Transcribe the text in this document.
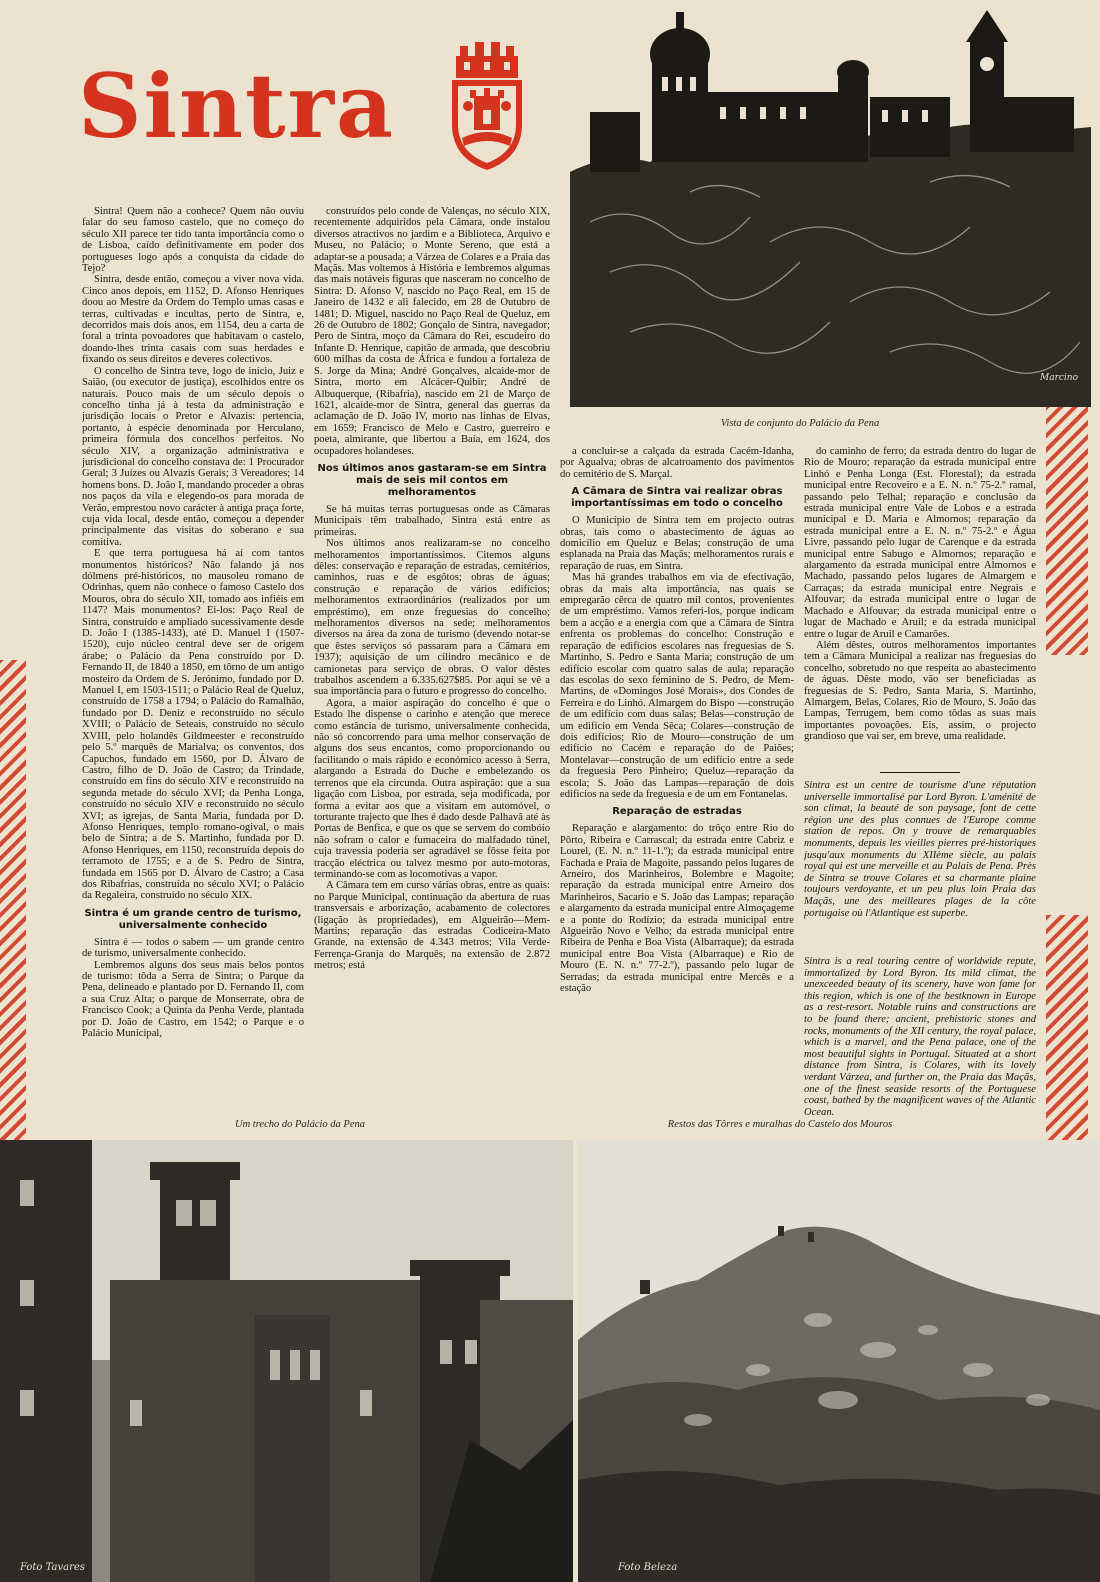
Sintra
Marcino
Vista de conjunto do Palácio da Pena

Sintra! Quem não a conhece? Quem não ouviu falar do seu famoso castelo, que no começo do século XII parece ter tido tanta importância como o de Lisboa, caído definitivamente em poder dos portugueses logo após a conquista da cidade do Tejo?

Sintra, desde então, começou a viver nova vida. Cinco anos depois, em 1152, D. Afonso Henriques doou ao Mestre da Ordem do Templo umas casas e terras, cultivadas e incultas, perto de Sintra, e, decorridos mais dois anos, em 1154, deu a carta de foral a trinta povoadores que habitavam o castelo, doando-lhes trinta casais com suas herdades e fixando os seus direitos e deveres colectivos.

O concelho de Sintra teve, logo de início, Juiz e Saião, (ou executor de justiça), escolhidos entre os naturais. Pouco mais de um século depois o concelho tinha já à testa da administração e jurisdição locais o Pretor e Alvazis: pertencia, portanto, à espécie denominada por Herculano, primeira fórmula dos concelhos perfeitos. No século XIV, a organização administrativa e jurisdicional do concelho constava de: 1 Procurador Geral; 3 Juízes ou Alvazis Gerais; 3 Vereadores; 14 homens bons. D. João I, mandando proceder a obras nos paços da vila e elegendo-os para morada de Verão, emprestou novo carácter à antiga praça forte, cuja vida local, desde então, começou a depender principalmente das visitas do soberano e sua comitiva.

E que terra portuguesa há aí com tantos monumentos históricos? Não falando já nos dólmens pré-históricos, no mausoleu romano de Odrinhas, quem não conhece o famoso Castelo dos Mouros, obra do século XII, tomado aos infiéis em 1147? Mais monumentos? Ei-los: Paço Real de Sintra, construído e ampliado sucessivamente desde D. João I (1385-1433), até D. Manuel I (1507-1520), cujo núcleo central deve ser de origem árabe; o Palácio da Pena construído por D. Fernando II, de 1840 a 1850, em tôrno de um antigo mosteiro da Ordem de S. Jerónimo, fundado por D. Manuel I, em 1503-1511; o Palácio Real de Queluz, construído de 1758 a 1794; o Palácio do Ramalhão, fundado por D. Deniz e reconstruído no século XVIII; o Palácio de Seteais, construído no século XVIII, pelo holandês Gildmeester e reconstruído pelo 5.º marquês de Marialva; os conventos, dos Capuchos, fundado em 1560, por D. Álvaro de Castro, filho de D. João de Castro; da Trindade, construído em fins do século XIV e reconstruído na segunda metade do século XVI; da Penha Longa, construído no século XIV e reconstruído no século XVI; as igrejas, de Santa Maria, fundada por D. Afonso Henriques, templo romano-ogival, o mais belo de Sintra; a de S. Martinho, fundada por D. Afonso Henriques, em 1150, reconstruída depois do terramoto de 1755; e a de S. Pedro de Sintra, fundada em 1565 por D. Álvaro de Castro; a Casa dos Ribafrias, construída no século XVI; o Palácio da Regaleira, construído no século XIX.

Sintra é um grande centro de turismo, universalmente conhecido

Sintra é — todos o sabem — um grande centro de turismo, universalmente conhecido.

Lembremos alguns dos seus mais belos pontos de turismo: tôda a Serra de Sintra; o Parque da Pena, delineado e plantado por D. Fernando II, com a sua Cruz Alta; o parque de Monserrate, obra de Francisco Cook; a Quinta da Penha Verde, plantada por D. João de Castro, em 1542; o Parque e o Palácio Municipal,

construídos pelo conde de Valenças, no século XIX, recentemente adquiridos pela Câmara, onde instalou diversos atractivos no jardim e a Biblioteca, Arquivo e Museu, no Palácio; o Monte Sereno, que está a adaptar-se a pousada; a Várzea de Colares e a Praia das Maçãs. Mas voltemos à História e lembremos algumas das mais notáveis figuras que nasceram no concelho de Sintra: D. Afonso V, nascido no Paço Real, em 15 de Janeiro de 1432 e ali falecido, em 28 de Outubro de 1481; D. Miguel, nascido no Paço Real de Queluz, em 26 de Outubro de 1802; Gonçalo de Sintra, navegador; Pero de Sintra, moço da Câmara do Rei, escudeiro do Infante D. Henrique, capitão de armada, que descobriu 600 milhas da costa de África e fundou a fortaleza de S. Jorge da Mina; André Gonçalves, alcaide-mor de Sintra, morto em Alcácer-Quibir; André de Albuquerque, (Ribafria), nascido em 21 de Março de 1621, alcaide-mor de Sintra, general das guerras da aclamação de D. João IV, morto nas linhas de Elvas, em 1659; Francisco de Melo e Castro, guerreiro e poeta, almirante, que libertou a Baía, em 1624, dos ocupadores holandeses.

Nos últimos anos gastaram-se em Sintra mais de seis mil contos em melhoramentos

Se há muitas terras portuguesas onde as Câmaras Municipais têm trabalhado, Sintra está entre as primeiras.

Nos últimos anos realizaram-se no concelho melhoramentos importantíssimos. Citemos alguns dêles: conservação e reparação de estradas, cemitérios, caminhos, ruas e de esgôtos; obras de águas; construção e reparação de vários edifícios; melhoramentos extraordinários (realizados por um empréstimo), em onze freguesias do concelho; melhoramentos diversos na sede; melhoramentos diversos na área da zona de turismo (devendo notar-se que êstes serviços só passaram para a Câmara em 1937); aquisição de um cilindro mecânico e de camionetas para serviço de obras. O valor dêstes trabalhos ascendem a 6.335.627$85. Por aqui se vê a sua importância para o futuro e progresso do concelho.

Agora, a maior aspiração do concelho é que o Estado lhe dispense o carinho e atenção que merece como estância de turismo, universalmente conhecida, não só concorrendo para uma melhor conservação de alguns dos seus encantos, como proporcionando ou facilitando o mais rápido e económico acesso à Serra, alargando a Estrada do Duche e embelezando os terrenos que ela circunda. Outra aspiração: que a sua ligação com Lisboa, por estrada, seja modificada, por forma a evitar aos que a visitam em automóvel, o torturante trajecto que lhes é dado desde Palhavã até às Portas de Benfica, e que os que se servem do combóio não sofram o calor e fumaceira do malfadado túnel, cuja travessia poderia ser agradável se fôsse feita por tracção eléctrica ou talvez mesmo por auto-motoras, terminando-se com as locomotivas a vapor.

A Câmara tem em curso várias obras, entre as quais: no Parque Municipal, continuação da abertura de ruas transversais e arborização, acabamento de colectores (ligação às propriedades), em Algueirão—Mem-Martins; reparação das estradas Codiceira-Mato Grande, na extensão de 4.343 metros; Vila Verde-Ferrença-Granja do Marquês, na extensão de 2.872 metros; está

a concluir-se a calçada da estrada Cacém-Idanha, por Agualva; obras de alcatroamento dos pavimentos do cemitério de S. Marçal.

A Câmara de Sintra vai realizar obras importantíssimas em todo o concelho

O Município de Sintra tem em projecto outras obras, tais como o abastecimento de águas ao domicílio em Queluz e Belas; construção de uma esplanada na Praia das Maçãs; melhoramentos rurais e reparação de ruas, em Sintra.

Mas há grandes trabalhos em via de efectivação, obras da mais alta importância, nas quais se empregarão cêrca de quatro mil contos, provenientes de um empréstimo. Vamos referi-los, porque indicam bem a acção e a energia com que a Câmara de Sintra enfrenta os problemas do concelho: Construção e reparação de edifícios escolares nas freguesias de S. Martinho, S. Pedro e Santa Maria; construção de um edifício escolar com quatro salas de aula; reparação das escolas do sexo feminino de S. Pedro, de Mem-Martins, de «Domingos José Morais», dos Condes de Ferreira e do Linhó. Almargem do Bispo —construção de um edifício com duas salas; Belas—construção de um edifício em Venda Sêca; Colares—construção de dois edifícios; Rio de Mouro—construção de um edifício no Cacém e reparação do de Paiões; Montelavar—construção de um edifício entre a sede da freguesia Pero Pinheiro; Queluz—reparação da escola; S. João das Lampas—reparação de dois edifícios na sede da freguesia e de um em Fontanelas.

Reparação de estradas

Reparação e alargamento: do trôço entre Rio do Pôrto, Ribeira e Carrascal; da estrada entre Cabriz e Lourel, (E. N. n.º 11-1.º); da estrada municipal entre Fachada e Praia de Magoite, passando pelos lugares de Arneiro, dos Marinheiros, Bolembre e Magoite; reparação da estrada municipal entre Arneiro dos Marinheiros, Sacario e S. João das Lampas; reparação e alargamento da estrada municipal entre Almoçageme e a ponte do Rodízio; da estrada municipal entre Algueirão Novo e Velho; da estrada municipal entre Ribeira de Penha e Boa Vista (Albarraque); da estrada municipal entre Boa Vista (Albarraque) e Rio de Mouro (E. N. n.º 77-2.º), passando pelo lugar de Serradas; da estrada municipal entre Mercês e a estação

do caminho de ferro; da estrada dentro do lugar de Rio de Mouro; reparação da estrada municipal entre Linhó e Penha Longa (Est. Florestal); da estrada municipal entre Recoveiro e a E. N. n.º 75-2.º ramal, passando pelo Telhal; reparação e conclusão da estrada municipal entre Vale de Lobos e a estrada municipal e D. Maria e Almornos; reparação da estrada municipal entre a E. N. n.º 75-2.º e Água Livre, passando pelo lugar de Carenque e da estrada municipal entre Sabugo e Almornos; reparação e alargamento da estrada municipal entre Almornos e Machado, passando pelos lugares de Almargem e Carraças; da estrada municipal entre Negrais e Alfouvar; da estrada municipal entre o lugar de Machado e Alfouvar; da estrada municipal entre o lugar de Machado e Aruil; e da estrada municipal entre o lugar de Aruil e Camarões.

Além dêstes, outros melhoramentos importantes tem a Câmara Municipal a realizar nas freguesias do concelho, sobretudo no que respeita ao abastecimento de águas. Dêste modo, vão ser beneficiadas as freguesias de S. Pedro, Santa Maria, S. Martinho, Almargem, Belas, Colares, Rio de Mouro, S. João das Lampas, Terrugem, bem como tôdas as suas mais importantes povoações. Eis, assim, o projecto grandioso que vai ser, em breve, uma realidade.

Sintra est un centre de tourisme d'une réputation universelle immortalisé par Lord Byron. L'aménité de son climat, la beauté de son paysage, font de cette région une des plus connues de l'Europe comme station de repos. On y trouve de remarquables monuments, depuis les vieilles pierres pré-historiques jusqu'aux monuments du XIIème siècle, au palais royal qui est une merveille et au Palais de Pena. Près de Sintra se trouve Colares et sa charmante plaine toujours verdoyante, et un peu plus loin Praia das Maçãs, une des meilleures plages de la côte portugaise où l'Atlantique est superbe.
Sintra is a real touring centre of worldwide repute, immortalized by Lord Byron. Its mild climat, the unexceeded beauty of its scenery, have won fame for this region, which is one of the bestknown in Europe as a rest-resort. Notable ruins and constructions are to be found there; ancient, prehistoric stones and rocks, monuments of the XII century, the royal palace, which is a marvel, and the Pena palace, one of the most beautiful sights in Portugal. Situated at a short distance from Sintra, is Colares, with its lovely verdant Várzea, and further on, the Praia das Maçãs, one of the finest seaside resorts of the Portuguese coast, bathed by the magnificent waves of the Atlantic Ocean.
Um trecho do Palácio da Pena	Restos das Tôrres e muralhas do Castelo dos Mouros
Foto Tavares	Foto Beleza
